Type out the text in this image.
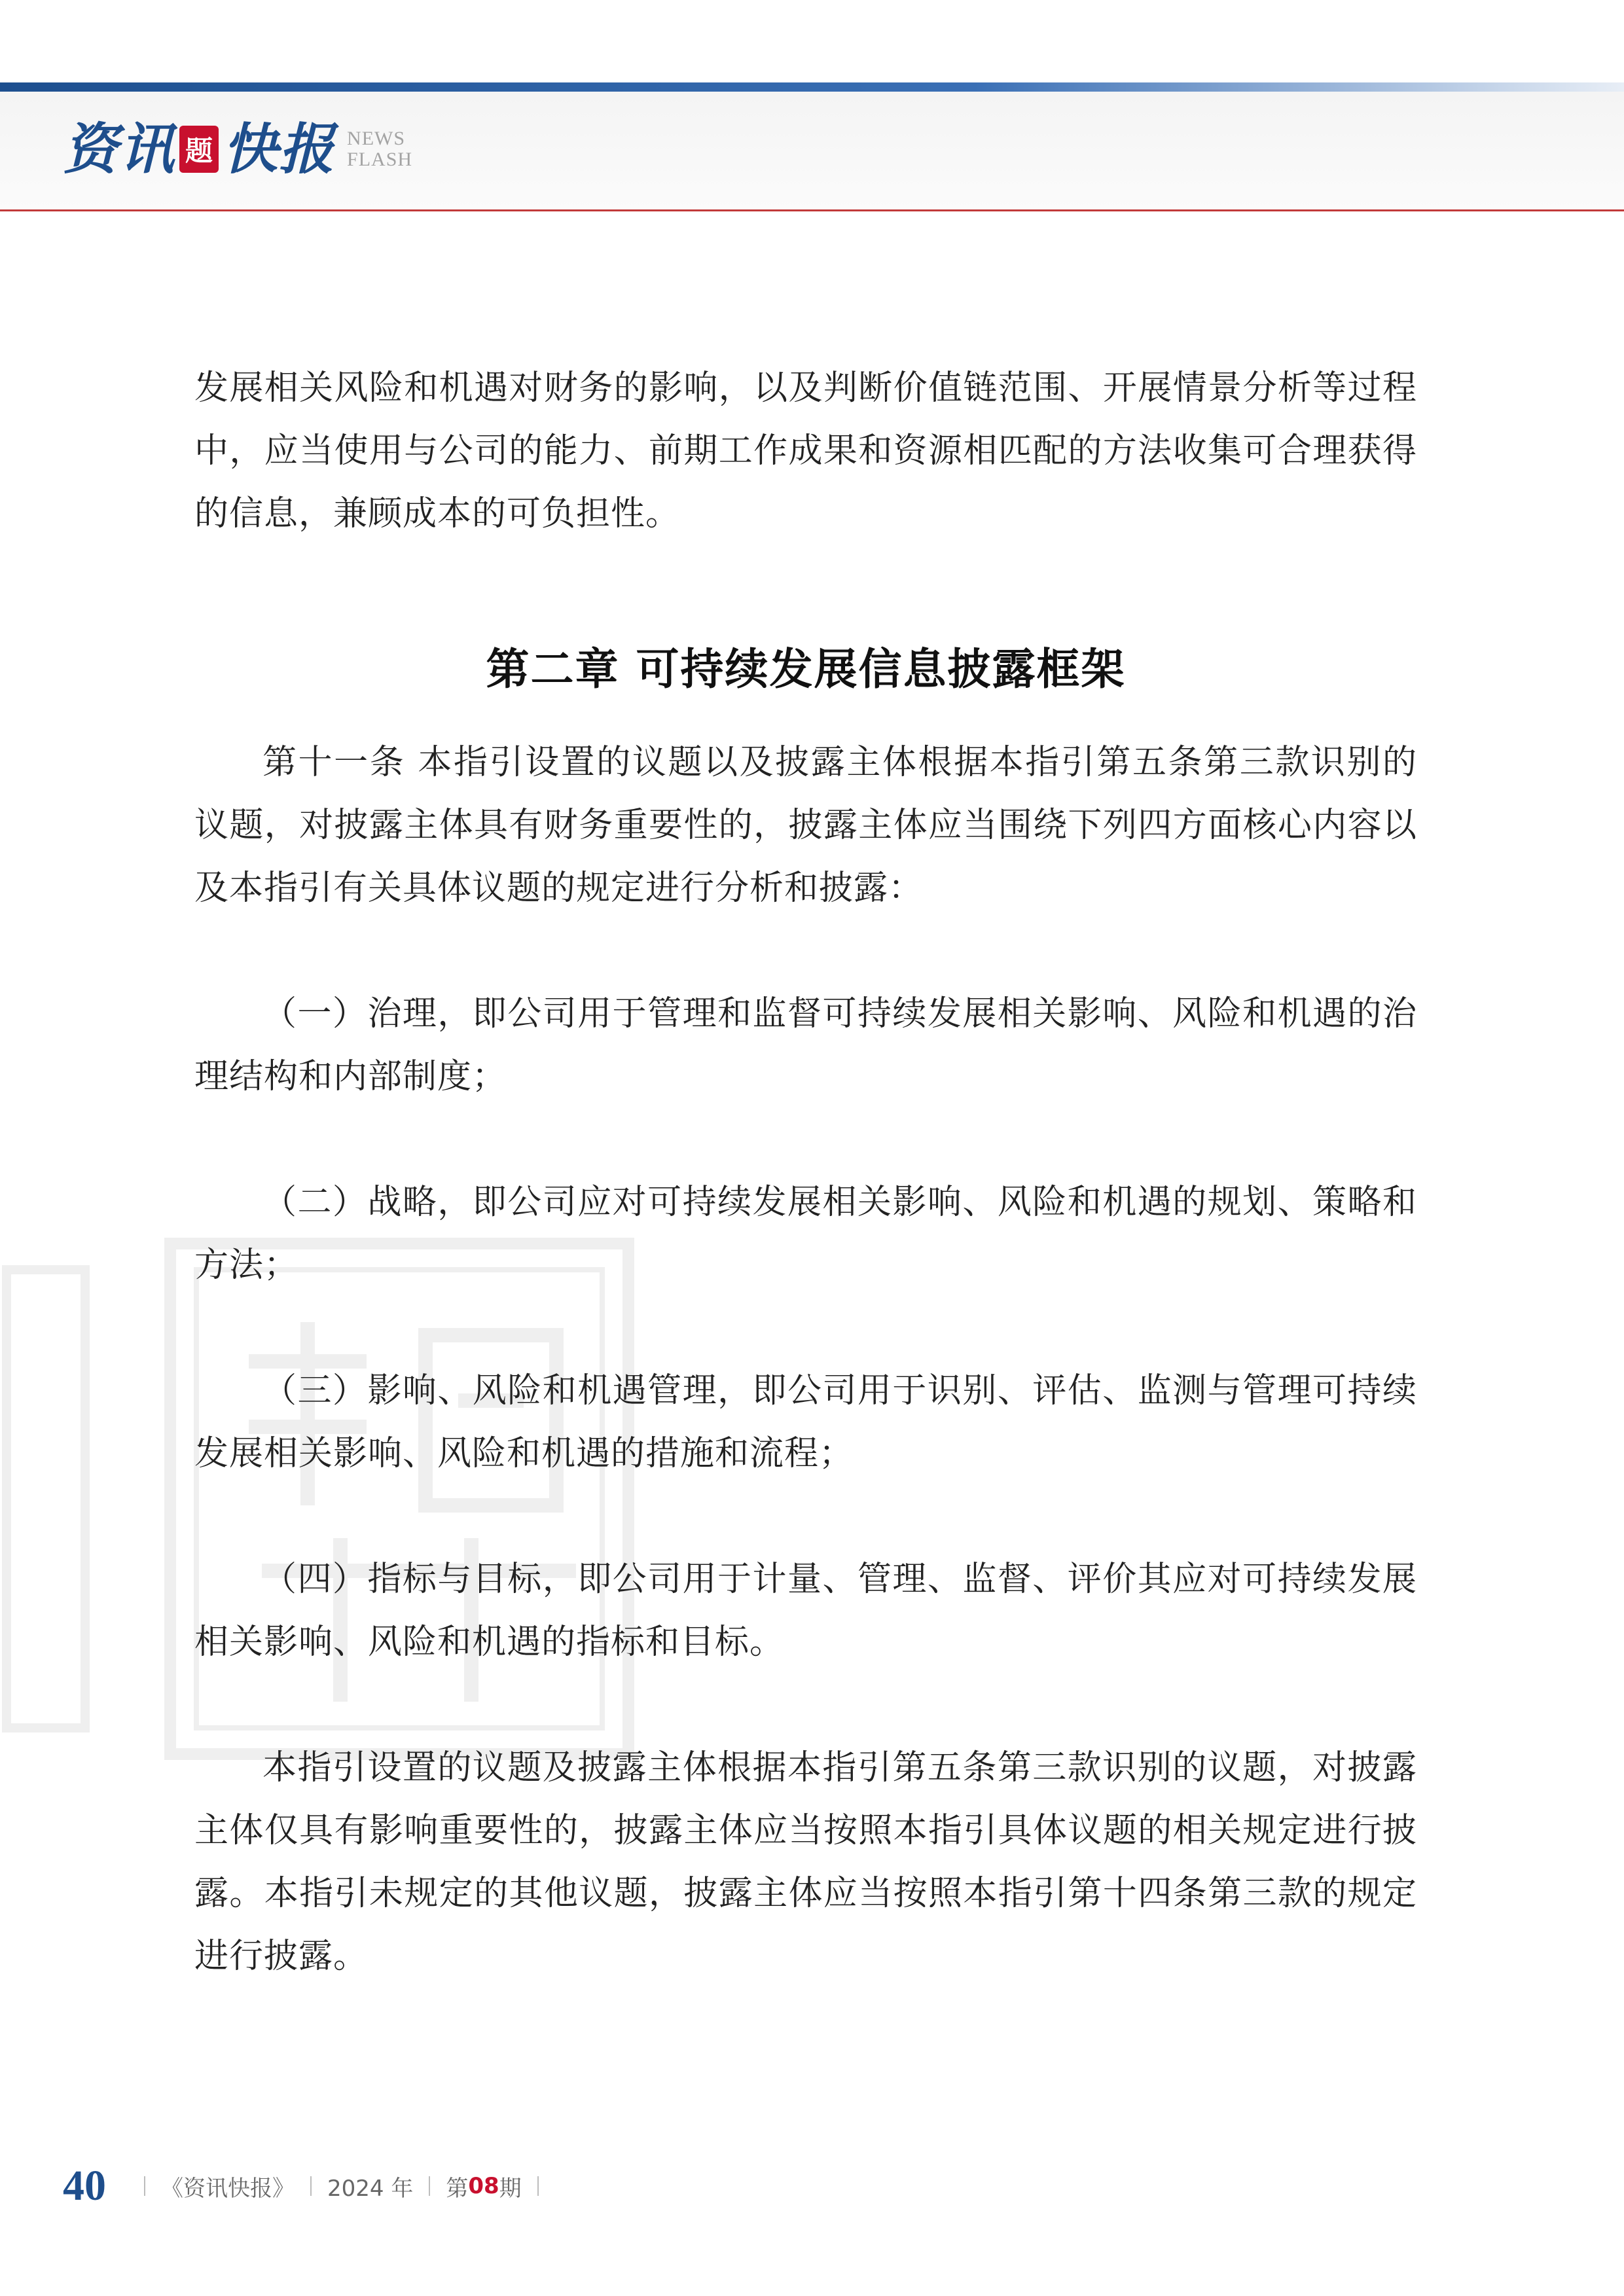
资讯 题 快报 NEWS
FLASH

发展相关风险和机遇对财务的影响，以及判断价值链范围、开展情景分析等过程中，应当使用与公司的能力、前期工作成果和资源相匹配的方法收集可合理获得的信息，兼顾成本的可负担性。

第二章 可持续发展信息披露框架

第十一条 本指引设置的议题以及披露主体根据本指引第五条第三款识别的议题，对披露主体具有财务重要性的，披露主体应当围绕下列四方面核心内容以及本指引有关具体议题的规定进行分析和披露：

（一）治理，即公司用于管理和监督可持续发展相关影响、风险和机遇的治理结构和内部制度；

（二）战略，即公司应对可持续发展相关影响、风险和机遇的规划、策略和方法；

（三）影响、风险和机遇管理，即公司用于识别、评估、监测与管理可持续发展相关影响、风险和机遇的措施和流程；

（四）指标与目标，即公司用于计量、管理、监督、评价其应对可持续发展相关影响、风险和机遇的指标和目标。

本指引设置的议题及披露主体根据本指引第五条第三款识别的议题，对披露主体仅具有影响重要性的，披露主体应当按照本指引具体议题的相关规定进行披露。本指引未规定的其他议题，披露主体应当按照本指引第十四条第三款的规定进行披露。

40 《资讯快报》 2024 年 第 08 期
